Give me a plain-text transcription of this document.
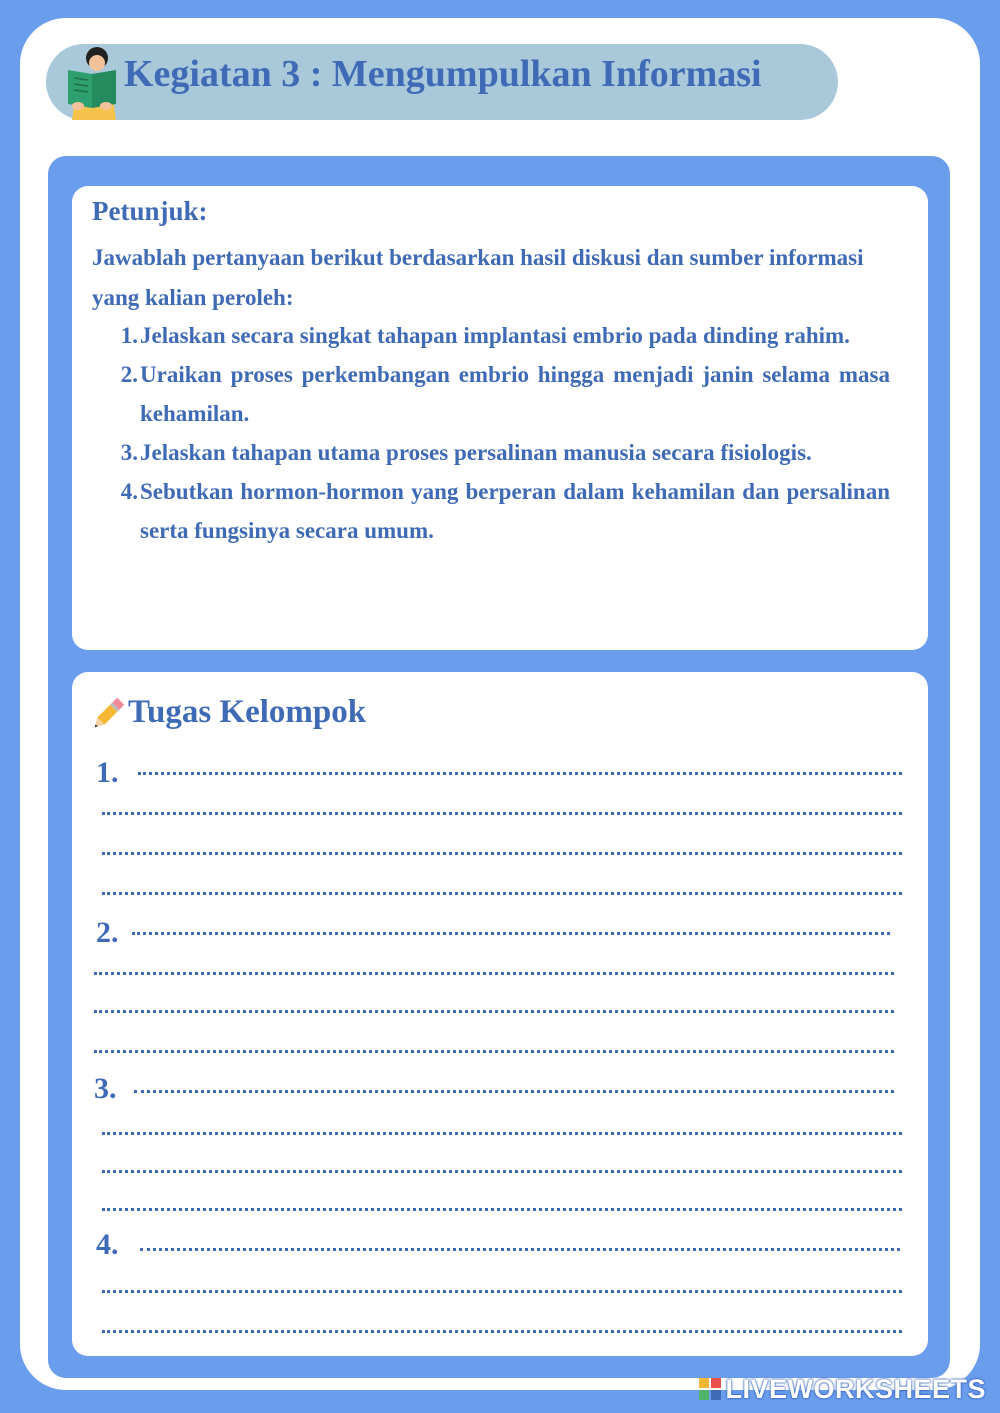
Kegiatan 3 : Mengumpulkan Informasi
Petunjuk:
Jawablah pertanyaan berikut berdasarkan hasil diskusi dan sumber informasi yang kalian peroleh:
1. Jelaskan secara singkat tahapan implantasi embrio pada dinding rahim.
2. Uraikan proses perkembangan embrio hingga menjadi janin selama masa kehamilan.
3. Jelaskan tahapan utama proses persalinan manusia secara fisiologis.
4. Sebutkan hormon-hormon yang berperan dalam kehamilan dan persalinan serta fungsinya secara umum.
Tugas Kelompok
1.
2.
3.
4.
LIVEWORKSHEETS
